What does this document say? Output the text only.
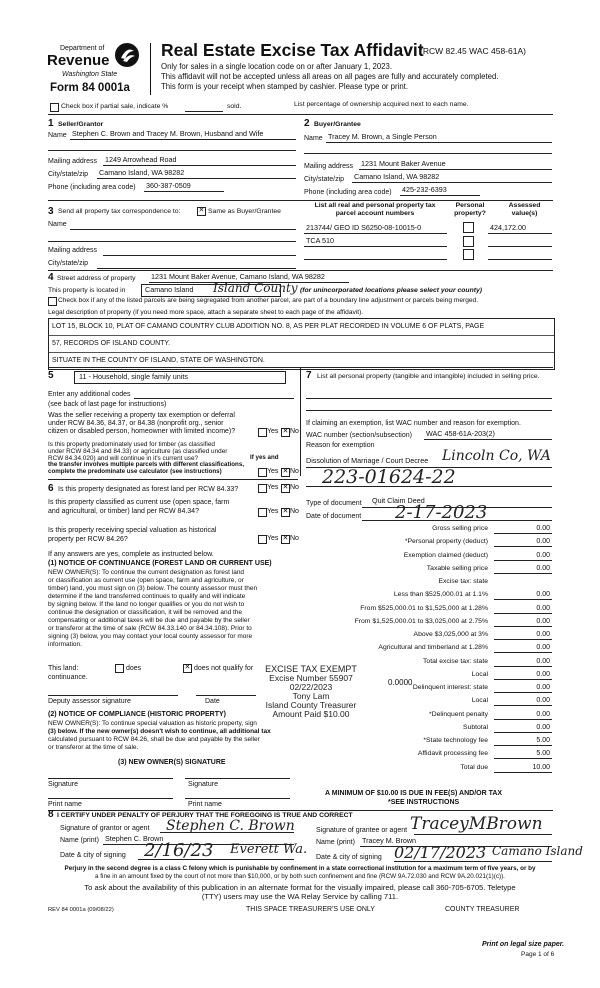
Department of
Revenue
Washington State
Form 84 0001a
Real Estate Excise Tax Affidavit
(RCW 82.45 WAC 458-61A)
Only for sales in a single location code on or after January 1, 2023.
This affidavit will not be accepted unless all areas on all pages are fully and accurately completed.
This form is your receipt when stamped by cashier. Please type or print.
Check box if partial sale, indicate %	sold.	List percentage of ownership acquired next to each name.
1 Seller/Grantor
Name Stephen C. Brown and Tracey M. Brown, Husband and Wife
Mailing address 1249 Arrowhead Road
City/state/zip Camano Island, WA 98282
Phone (including area code) 360-387-0509
2 Buyer/Grantee
Name Tracey M. Brown, a Single Person
Mailing address 1231 Mount Baker Avenue
City/state/zip Camano Island, WA 98282
Phone (including area code) 425-232-6393
3 Send all property tax correspondence to: ✕	Same as Buyer/Grantee
Name
Mailing address
City/state/zip
List all real and personal property tax parcel account numbers
Personal property?
Assessed value(s)
213744/ GEO ID S6250-08-10015-0	424,172.00
TCA 510
4 Street address of property 1231 Mount Baker Avenue, Camano Island, WA 98282
This property is located in	Camano Island Island County (for unincorporated locations please select your county)
Check box if any of the listed parcels are being segregated from another parcel, are part of a boundary line adjustment or parcels being merged.
Legal description of property (if you need more space, attach a separate sheet to each page of the affidavit).
LOT 15, BLOCK 10, PLAT OF CAMANO COUNTRY CLUB ADDITION NO. 8, AS PER PLAT RECORDED IN VOLUME 6 OF PLATS, PAGE
57, RECORDS OF ISLAND COUNTY.
SITUATE IN THE COUNTY OF ISLAND, STATE OF WASHINGTON.
5	11 - Household, single family units
Enter any additional codes
(see back of last page for instructions)
Was the seller receiving a property tax exemption or deferral
under RCW 84.36, 84.37, or 84.38 (nonprofit org., senior
citizen or disabled person, homeowner with limited income)?	Yes ✕ No
Is this property predominately used for timber (as classified
under RCW 84.34 and 84.33) or agriculture (as classified under
RCW 84.34.020) and will continue in it's current use?	If yes and
the transfer involves multiple parcels with different classifications,
complete the predominate use calculator (see instructions)	Yes ✕ No
6 Is this property designated as forest land per RCW 84.33?	Yes ✕ No
Is this property classified as current use (open space, farm
and agricultural, or timber) land per RCW 84.34?	Yes ✕ No
Is this property receiving special valuation as historical
property per RCW 84.26?	Yes ✕ No
If any answers are yes, complete as instructed below.
(1) NOTICE OF CONTINUANCE (FOREST LAND OR CURRENT USE)
NEW OWNER(S): To continue the current designation as forest land
or classification as current use (open space, farm and agriculture, or
timber) land, you must sign on (3) below. The county assessor must then
determine if the land transferred continues to qualify and will indicate
by signing below. If the land no longer qualifies or you do not wish to
continue the designation or classification, it will be removed and the
compensating or additional taxes will be due and payable by the seller
or transferor at the time of sale (RCW 84.33.140 or 84.34.108). Prior to
signing (3) below, you may contact your local county assessor for more
information.
This land:	does ✕	does not qualify for
continuance.
Deputy assessor signature	Date
(2) NOTICE OF COMPLIANCE (HISTORIC PROPERTY)
NEW OWNER(S): To continue special valuation as historic property, sign
(3) below. If the new owner(s) doesn't wish to continue, all additional tax
calculated pursuant to RCW 84.26, shall be due and payable by the seller
or transferor at the time of sale.
(3) NEW OWNER(S) SIGNATURE
Signature	Signature
Print name	Print name
7 List all personal property (tangible and intangible) included in selling price.
If claiming an exemption, list WAC number and reason for exemption.
WAC number (section/subsection) WAC 458-61A-203(2)
Reason for exemption
Dissolution of Marriage / Court Decree Lincoln Co, WA
223-01624-22
Type of document Quit Claim Deed
Date of document 2-17-2023
Gross selling price	0.00
*Personal property (deduct)	0.00
Exemption claimed (deduct)	0.00
Taxable selling price	0.00
Excise tax: state
Less than $525,000.01 at 1.1%	0.00
From $525,000.01 to $1,525,000 at 1.28%	0.00
From $1,525,000.01 to $3,025,000 at 2.75%	0.00
Above $3,025,000 at 3%	0.00
Agricultural and timberland at 1.28%	0.00
Total excise tax: state	0.00
Local	0.00
Delinquent interest: state	0.00
Local	0.00
*Delinquent penalty	0.00
Subtotal	0.00
*State technology fee	5.00
Affidavit processing fee	5.00
Total due	10.00
A MINIMUM OF $10.00 IS DUE IN FEE(S) AND/OR TAX
*SEE INSTRUCTIONS
EXCISE TAX EXEMPT
Excise Number 55907
02/22/2023
Tony Lam
Island County Treasurer
Amount Paid $10.00
0.0000
8 I CERTIFY UNDER PENALTY OF PERJURY THAT THE FOREGOING IS TRUE AND CORRECT
Signature of grantor or agent Stephen C. Brown	Signature of grantee or agent TraceyMBrown
Name (print) Stephen C. Brown	Name (print) Tracey M. Brown
Date & city of signing 2/16/23 Everett Wa.
Date & city of signing 02/17/2023 Camano Island
Perjury in the second degree is a class C felony which is punishable by confinement in a state correctional institution for a maximum term of five years, or by
a fine in an amount fixed by the court of not more than $10,000, or by both such confinement and fine (RCW 9A.72.030 and RCW 9A.20.021(1)(c)).
To ask about the availability of this publication in an alternate format for the visually impaired, please call 360-705-6705. Teletype
(TTY) users may use the WA Relay Service by calling 711.
REV 84 0001a (09/08/22)	THIS SPACE TREASURER'S USE ONLY	COUNTY TREASURER
Print on legal size paper.
Page 1 of 6
